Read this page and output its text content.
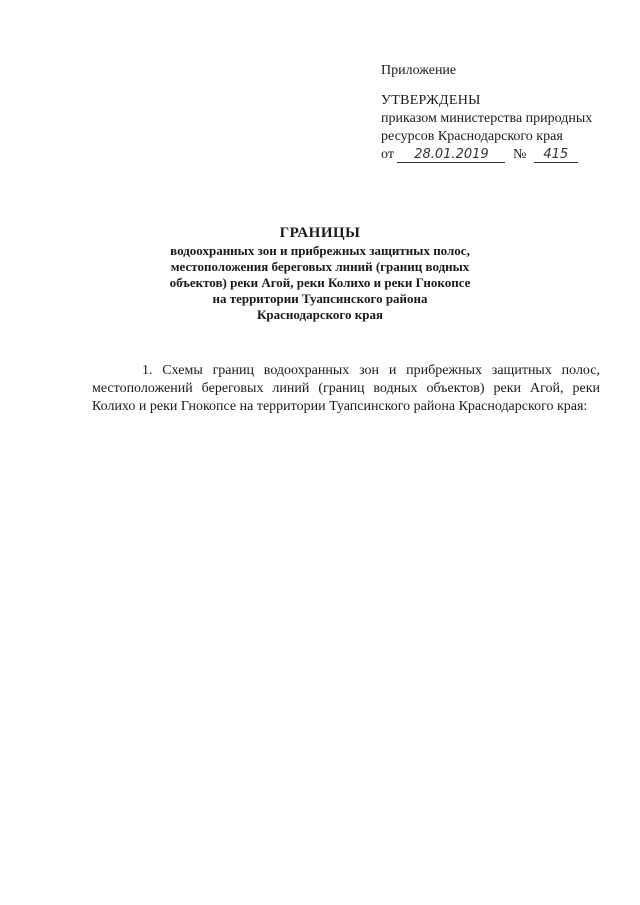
Приложение
УТВЕРЖДЕНЫ
приказом министерства природных
ресурсов Краснодарского края
от 28.01.2019 № 415
ГРАНИЦЫ
водоохранных зон и прибрежных защитных полос,
местоположения береговых линий (границ водных
объектов) реки Агой, реки Колихо и реки Гнокопсе
на территории Туапсинского района
Краснодарского края
1. Схемы границ водоохранных зон и прибрежных защитных полос, местоположений береговых линий (границ водных объектов) реки Агой, реки Колихо и реки Гнокопсе на территории Туапсинского района Краснодарского края:
